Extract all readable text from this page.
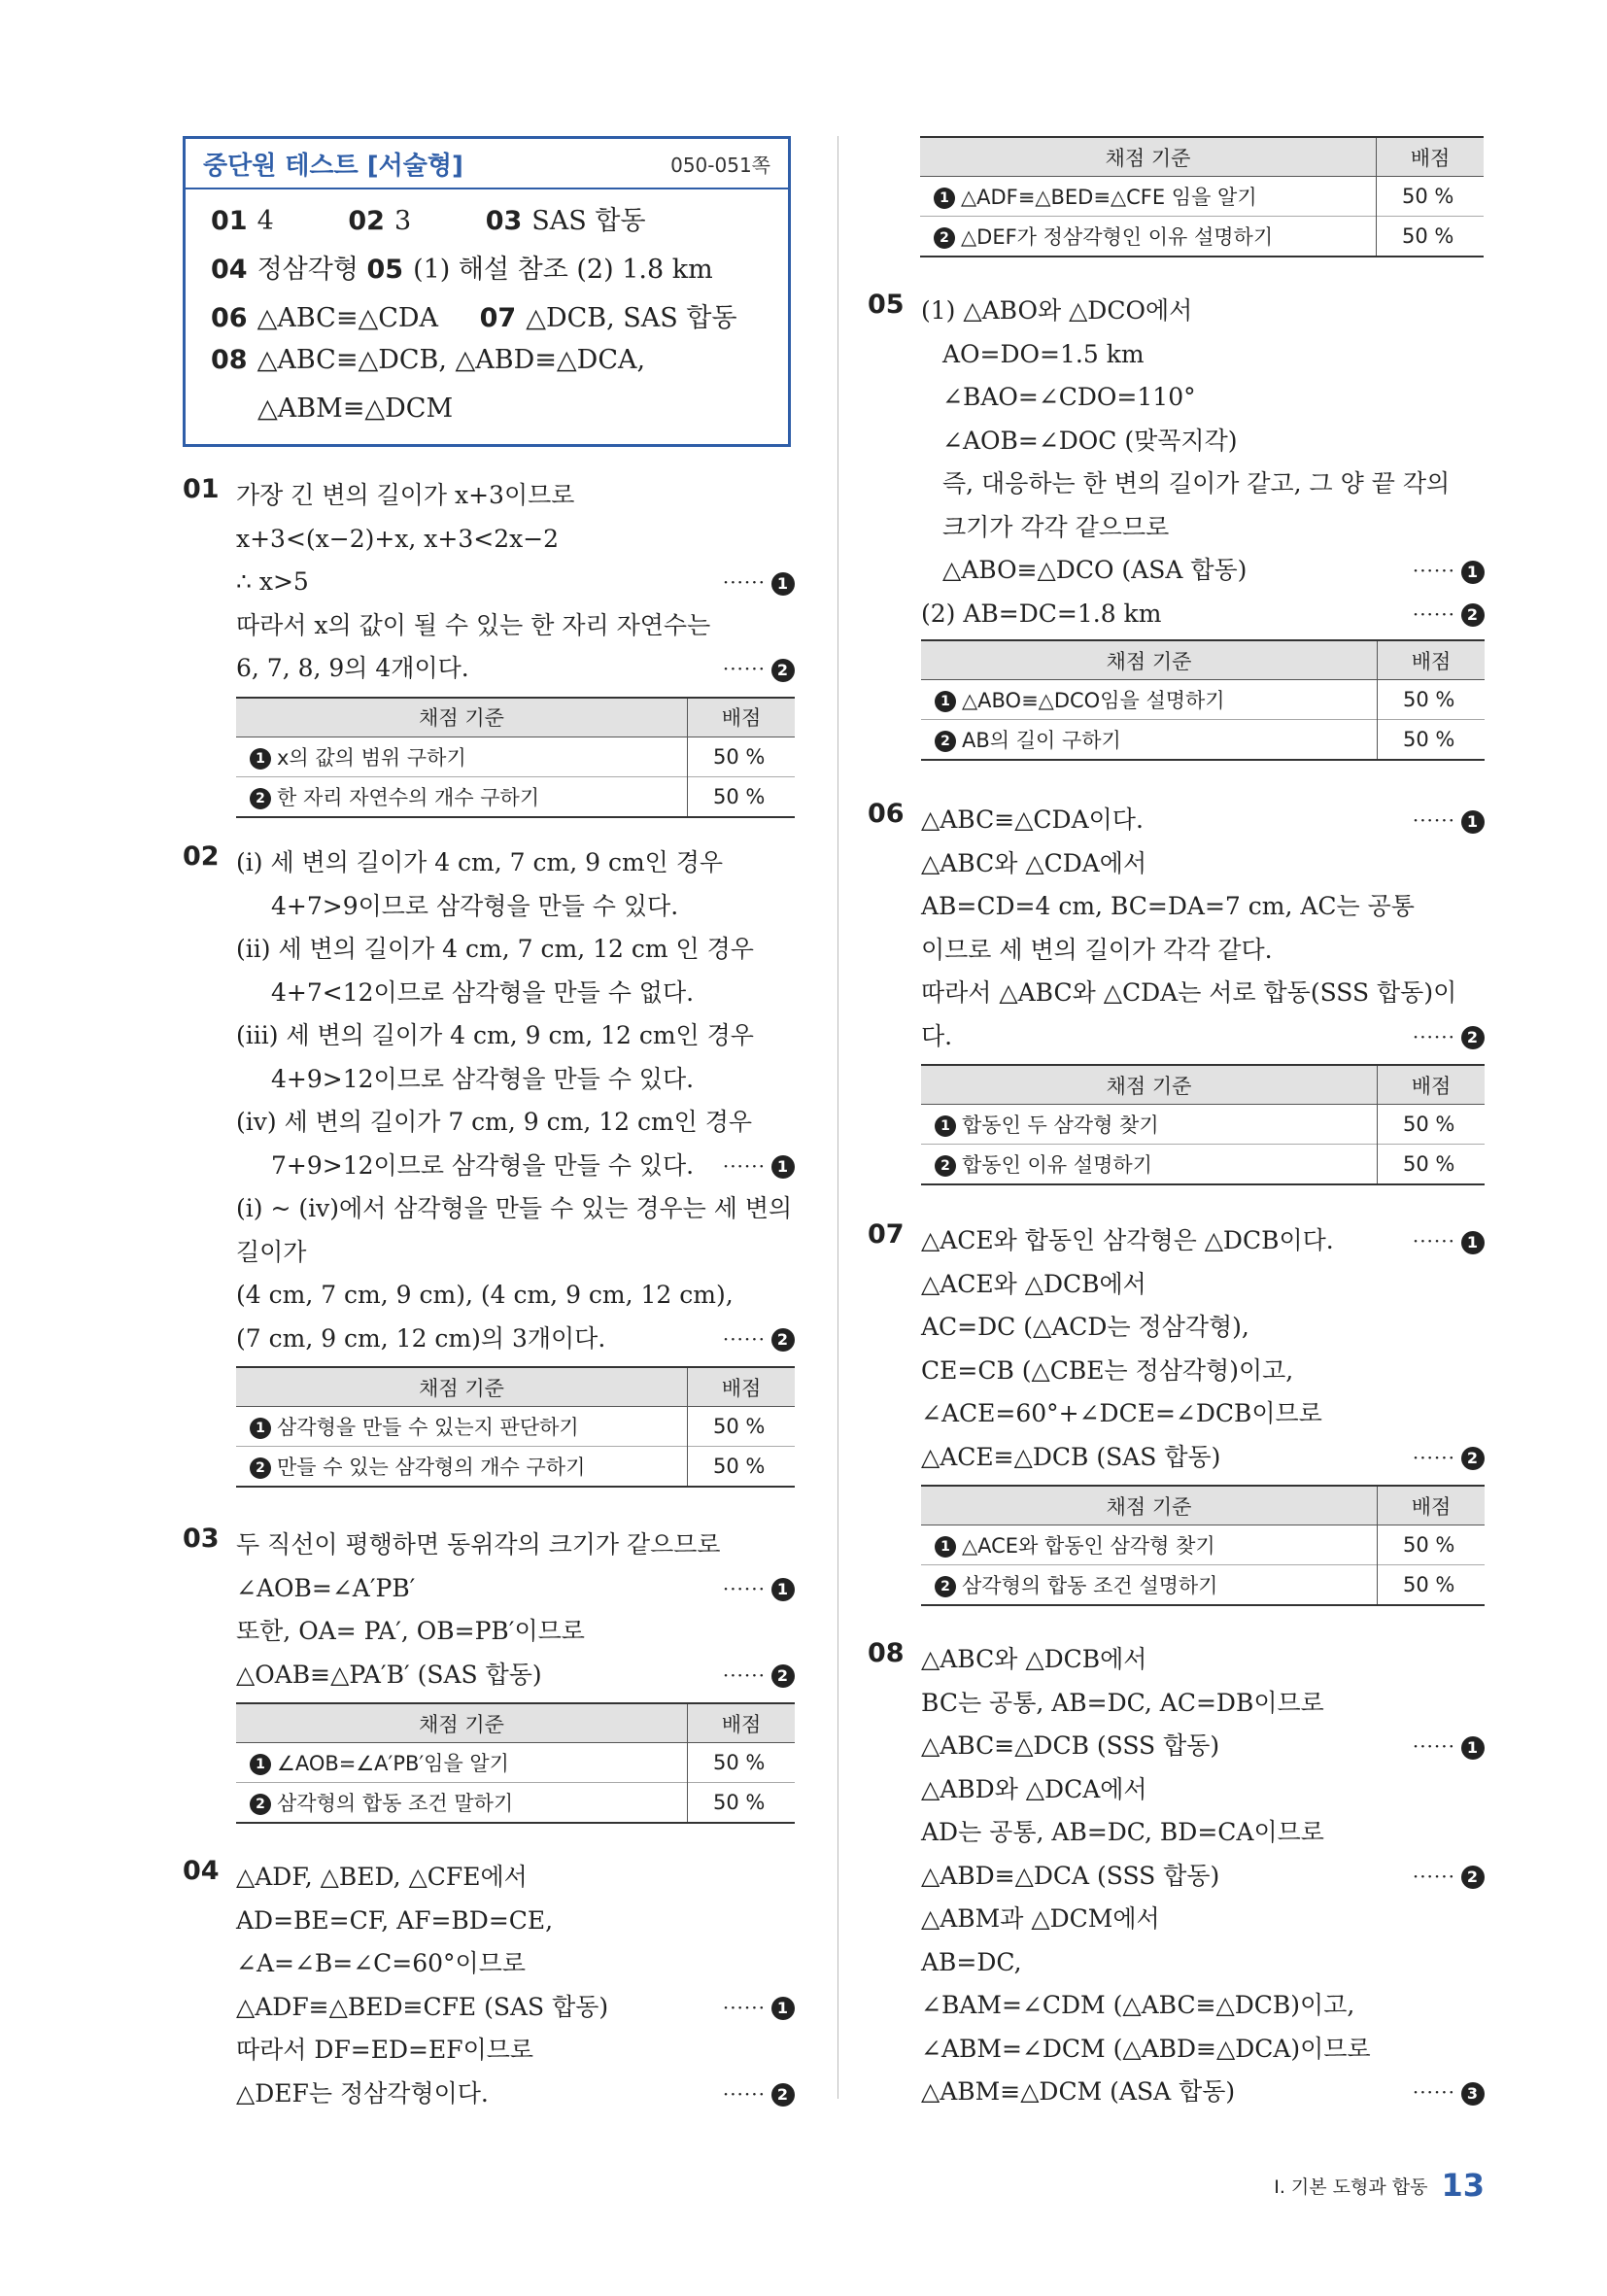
중단원 테스트 [서술형]	050-051쪽
01 4	02 3	03 SAS 합동
04 정삼각형 05 (1) 해설 참조 (2) 1.8 km
06 △ABC≡△CDA 07 △DCB, SAS 합동
08 △ABC≡△DCB, △ABD≡△DCA,
△ABM≡△DCM
01 가장 긴 변의 길이가 x+3이므로
x+3<(x−2)+x, x+3<2x−2
∴ x>5	······ 1
따라서 x의 값이 될 수 있는 한 자리 자연수는
6, 7, 8, 9의 4개이다.	······ 2
채점 기준	배점
1 x의 값의 범위 구하기	50 %
2 한 자리 자연수의 개수 구하기	50 %
02 (ⅰ) 세 변의 길이가 4 cm, 7 cm, 9 cm인 경우
4+7>9이므로 삼각형을 만들 수 있다.
(ⅱ) 세 변의 길이가 4 cm, 7 cm, 12 cm 인 경우
4+7<12이므로 삼각형을 만들 수 없다.
(ⅲ) 세 변의 길이가 4 cm, 9 cm, 12 cm인 경우
4+9>12이므로 삼각형을 만들 수 있다.
(ⅳ) 세 변의 길이가 7 cm, 9 cm, 12 cm인 경우
7+9>12이므로 삼각형을 만들 수 있다. ······ 1
(ⅰ) ~ (ⅳ)에서 삼각형을 만들 수 있는 경우는 세 변의
길이가
(4 cm, 7 cm, 9 cm), (4 cm, 9 cm, 12 cm),
(7 cm, 9 cm, 12 cm)의 3개이다.	······ 2
채점 기준	배점
1 삼각형을 만들 수 있는지 판단하기	50 %
2 만들 수 있는 삼각형의 개수 구하기	50 %
03 두 직선이 평행하면 동위각의 크기가 같으므로
∠AOB=∠A′PB′	······ 1
또한, OA= PA′, OB=PB′이므로
△OAB≡△PA′B′ (SAS 합동)	······ 2
채점 기준	배점
1 ∠AOB=∠A′PB′임을 알기	50 %
2 삼각형의 합동 조건 말하기	50 %
04 △ADF, △BED, △CFE에서
AD=BE=CF, AF=BD=CE,
∠A=∠B=∠C=60°이므로
△ADF≡△BED≡CFE (SAS 합동)	······ 1
따라서 DF=ED=EF이므로
△DEF는 정삼각형이다.	······ 2
채점 기준	배점
1 △ADF≡△BED≡△CFE 임을 알기	50 %
2 △DEF가 정삼각형인 이유 설명하기	50 %
05 (1) △ABO와 △DCO에서
AO=DO=1.5 km
∠BAO=∠CDO=110°
∠AOB=∠DOC (맞꼭지각)
즉, 대응하는 한 변의 길이가 같고, 그 양 끝 각의
크기가 각각 같으므로
△ABO≡△DCO (ASA 합동)	······ 1
(2) AB=DC=1.8 km	······ 2
채점 기준	배점
1 △ABO≡△DCO임을 설명하기	50 %
2 AB의 길이 구하기	50 %
06 △ABC≡△CDA이다.	······ 1
△ABC와 △CDA에서
AB=CD=4 cm, BC=DA=7 cm, AC는 공통
이므로 세 변의 길이가 각각 같다.
따라서 △ABC와 △CDA는 서로 합동(SSS 합동)이
다.	······ 2
채점 기준	배점
1 합동인 두 삼각형 찾기	50 %
2 합동인 이유 설명하기	50 %
07 △ACE와 합동인 삼각형은 △DCB이다.	······ 1
△ACE와 △DCB에서
AC=DC (△ACD는 정삼각형),
CE=CB (△CBE는 정삼각형)이고,
∠ACE=60°+∠DCE=∠DCB이므로
△ACE≡△DCB (SAS 합동)	······ 2
채점 기준	배점
1 △ACE와 합동인 삼각형 찾기	50 %
2 삼각형의 합동 조건 설명하기	50 %
08 △ABC와 △DCB에서
BC는 공통, AB=DC, AC=DB이므로
△ABC≡△DCB (SSS 합동)	······ 1
△ABD와 △DCA에서
AD는 공통, AB=DC, BD=CA이므로
△ABD≡△DCA (SSS 합동)	······ 2
△ABM과 △DCM에서
AB=DC,
∠BAM=∠CDM (△ABC≡△DCB)이고,
∠ABM=∠DCM (△ABD≡△DCA)이므로
△ABM≡△DCM (ASA 합동)	······ 3
Ⅰ. 기본 도형과 합동 13
